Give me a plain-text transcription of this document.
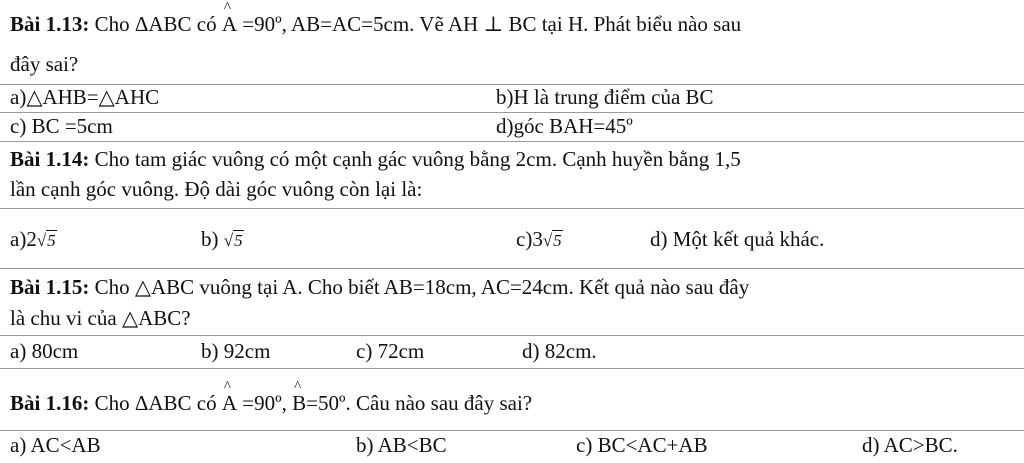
Bài 1.13: Cho ΔABC có
^
A =90º, AB=AC=5cm. Vẽ AH ⊥ BC tại H. Phát biểu nào sau
đây sai?
a)△AHB=△AHC	b)H là trung điểm của BC
c) BC =5cm	d)góc BAH=45º
Bài 1.14: Cho tam giác vuông có một cạnh gác vuông bằng 2cm. Cạnh huyền bằng 1,5
lần cạnh góc vuông. Độ dài góc vuông còn lại là:
a)2√5	b) √5	c)3√5	d) Một kết quả khác.
Bài 1.15: Cho △ABC vuông tại A. Cho biết AB=18cm, AC=24cm. Kết quả nào sau đây
là chu vi của △ABC?
a) 80cm	b) 92cm	c) 72cm	d) 82cm.
Bài 1.16: Cho ΔABC có
^
A =90º,
^
B=50º. Câu nào sau đây sai?
a) AC<AB	b) AB<BC	c) BC<AC+AB	d) AC>BC.
